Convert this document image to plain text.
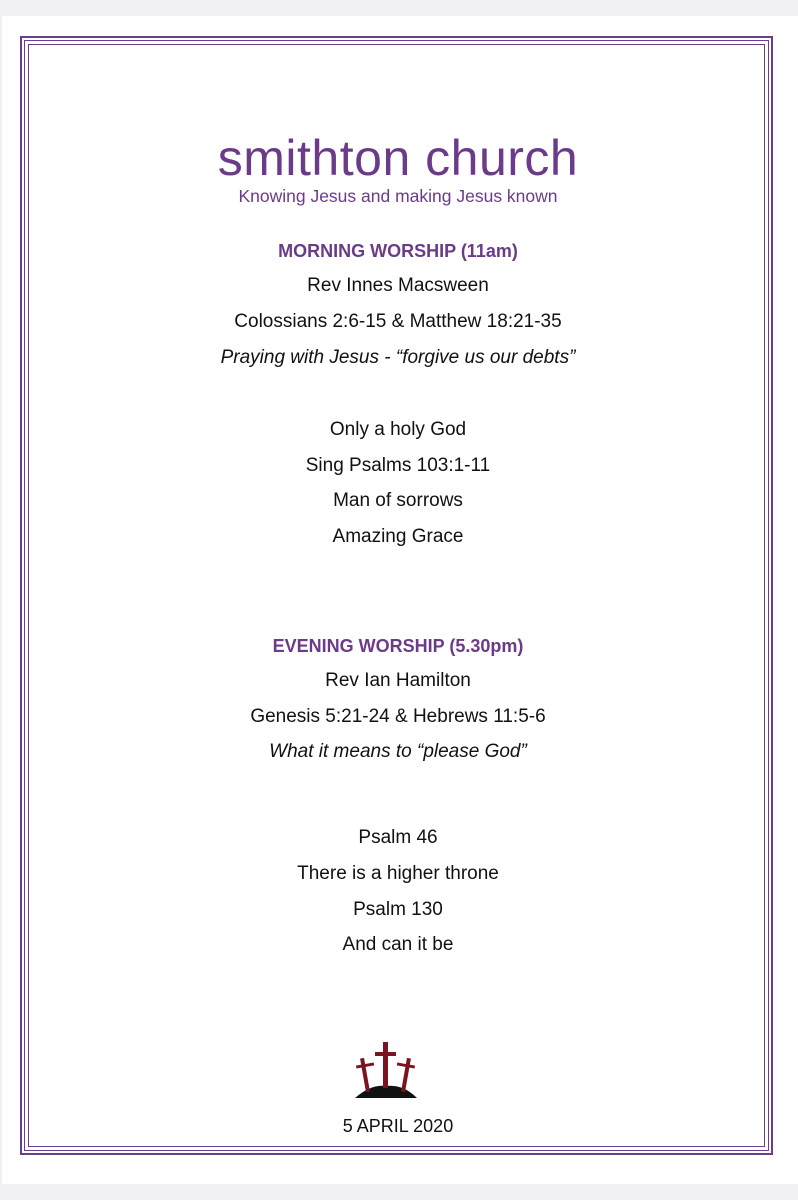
smithton church
Knowing Jesus and making Jesus known
MORNING WORSHIP (11am)
Rev Innes Macsween
Colossians 2:6-15 & Matthew 18:21-35
Praying with Jesus - “forgive us our debts”
Only a holy God
Sing Psalms 103:1-11
Man of sorrows
Amazing Grace
EVENING WORSHIP (5.30pm)
Rev Ian Hamilton
Genesis 5:21-24 & Hebrews 11:5-6
What it means to “please God”
Psalm 46
There is a higher throne
Psalm 130
And can it be
5 APRIL 2020
